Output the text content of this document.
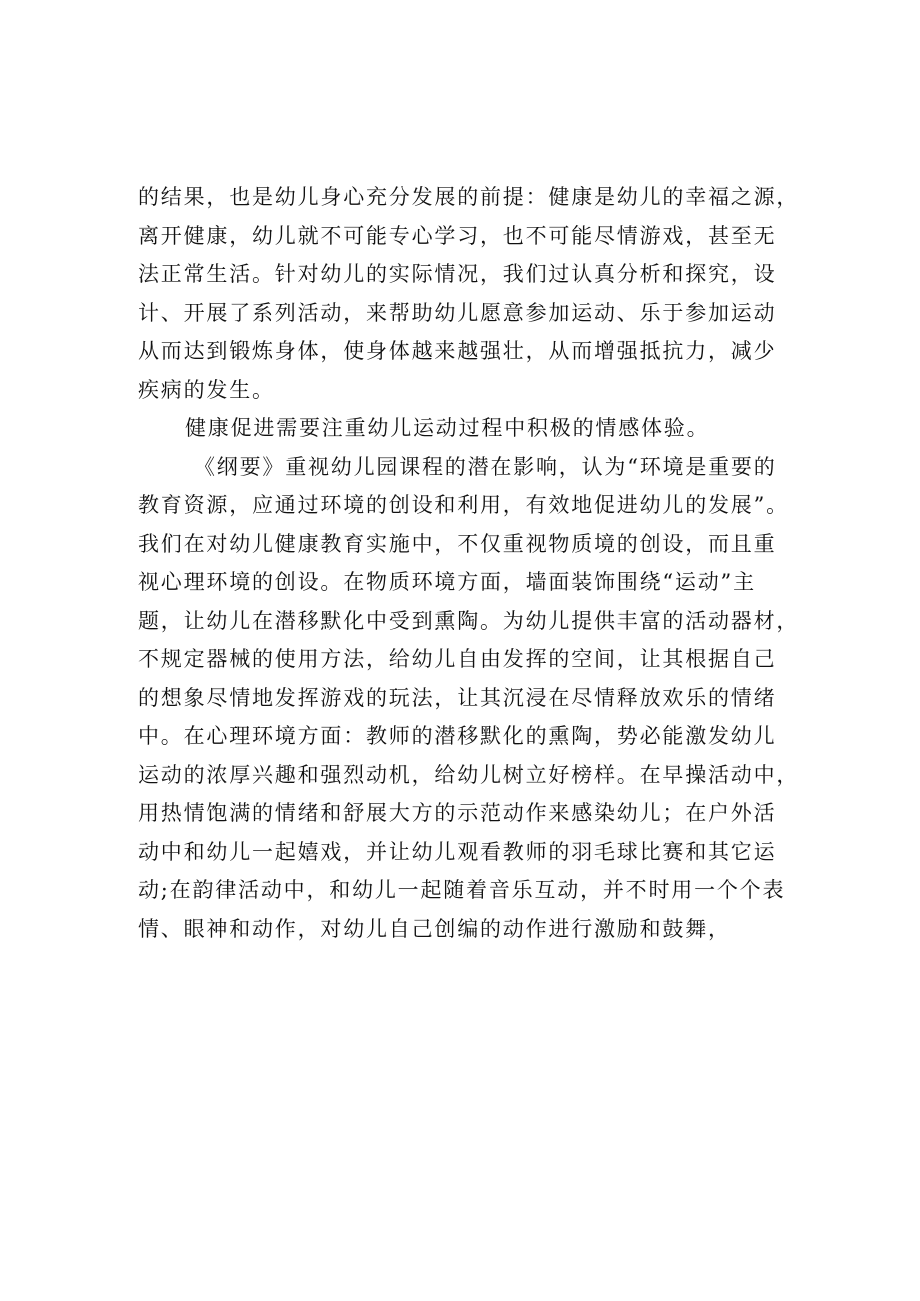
的结果，也是幼儿身心充分发展的前提：健康是幼儿的幸福之源，
离开健康，幼儿就不可能专心学习，也不可能尽情游戏，甚至无
法正常生活。针对幼儿的实际情况，我们过认真分析和探究，设
计、开展了系列活动，来帮助幼儿愿意参加运动、乐于参加运动
从而达到锻炼身体，使身体越来越强壮，从而增强抵抗力，减少
疾病的发生。
健康促进需要注重幼儿运动过程中积极的情感体验。
《纲要》重视幼儿园课程的潜在影响，认为“环境是重要的
教育资源，应通过环境的创设和利用，有效地促进幼儿的发展”。
我们在对幼儿健康教育实施中，不仅重视物质境的创设，而且重
视心理环境的创设。在物质环境方面，墙面装饰围绕“运动”主
题，让幼儿在潜移默化中受到熏陶。为幼儿提供丰富的活动器材，
不规定器械的使用方法，给幼儿自由发挥的空间，让其根据自己
的想象尽情地发挥游戏的玩法，让其沉浸在尽情释放欢乐的情绪
中。在心理环境方面：教师的潜移默化的熏陶，势必能激发幼儿
运动的浓厚兴趣和强烈动机，给幼儿树立好榜样。在早操活动中，
用热情饱满的情绪和舒展大方的示范动作来感染幼儿；在户外活
动中和幼儿一起嬉戏，并让幼儿观看教师的羽毛球比赛和其它运
动;在韵律活动中，和幼儿一起随着音乐互动，并不时用一个个表
情、眼神和动作，对幼儿自己创编的动作进行激励和鼓舞，
